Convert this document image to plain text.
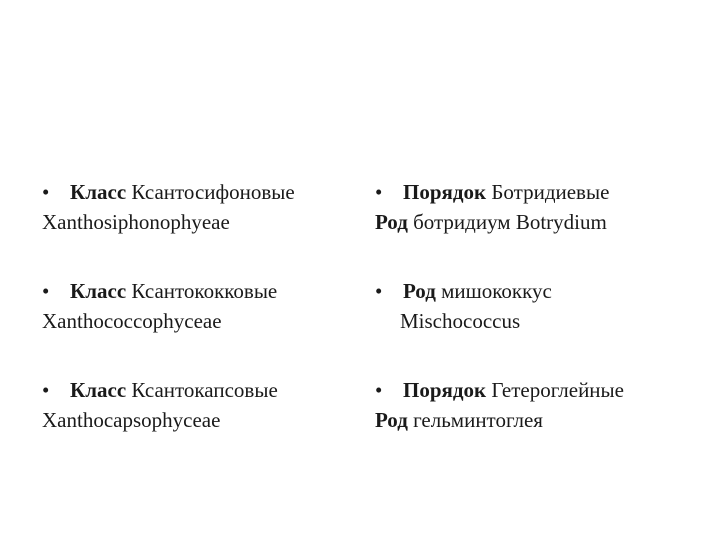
• Класс Ксантосифоновые
Xanthosiphonophyeae
• Класс Ксантококковые
Xanthococcophyceae
• Класс Ксантокапсовые
Xanthocapsophyceae
• Порядок Ботридиевые
Род ботридиум Botrydium
• Род мишококкус
Mischococcus
• Порядок Гетероглейные
Род гельминтоглея
